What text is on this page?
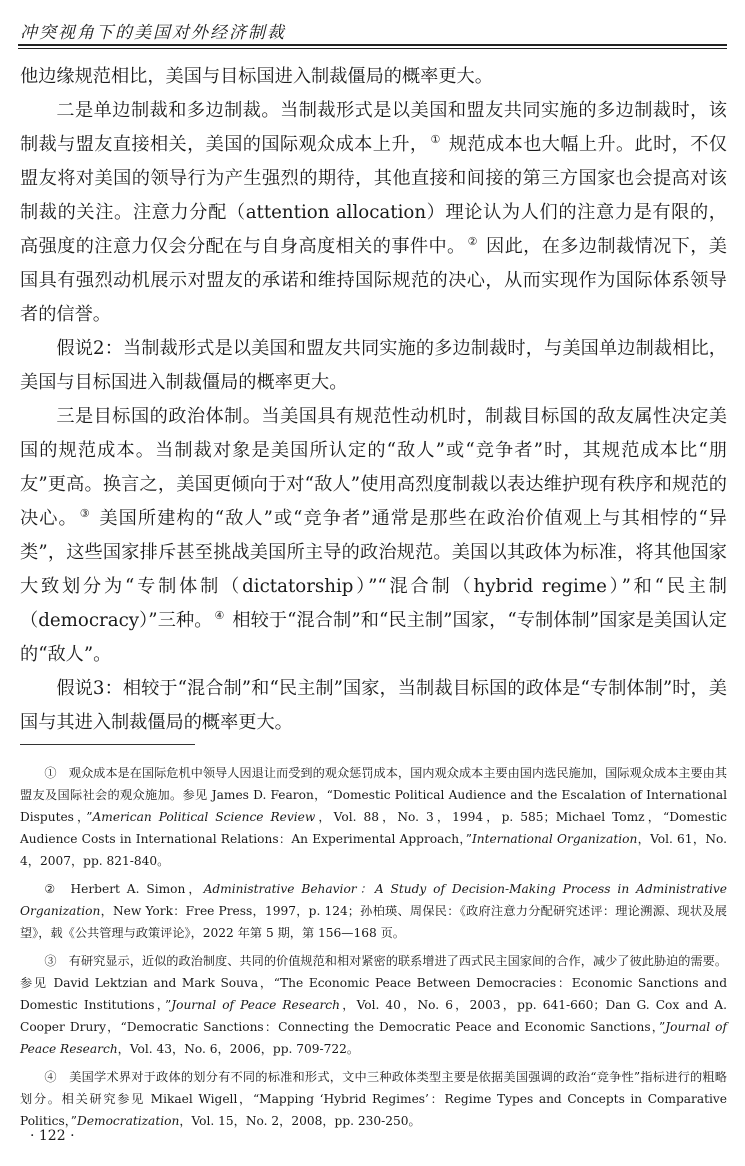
冲突视角下的美国对外经济制裁

他边缘规范相比，美国与目标国进入制裁僵局的概率更大。

二是单边制裁和多边制裁。当制裁形式是以美国和盟友共同实施的多边制裁时，该制裁与盟友直接相关，美国的国际观众成本上升， ① 规范成本也大幅上升。此时，不仅盟友将对美国的领导行为产生强烈的期待，其他直接和间接的第三方国家也会提高对该制裁的关注。注意力分配（attention allocation）理论认为人们的注意力是有限的，高强度的注意力仅会分配在与自身高度相关的事件中。 ② 因此，在多边制裁情况下，美国具有强烈动机展示对盟友的承诺和维持国际规范的决心，从而实现作为国际体系领导者的信誉。

假说2：当制裁形式是以美国和盟友共同实施的多边制裁时，与美国单边制裁相比，美国与目标国进入制裁僵局的概率更大。

三是目标国的政治体制。当美国具有规范性动机时，制裁目标国的敌友属性决定美国的规范成本。当制裁对象是美国所认定的“敌人”或“竞争者”时，其规范成本比“朋友”更高。换言之，美国更倾向于对“敌人”使用高烈度制裁以表达维护现有秩序和规范的决心。 ③ 美国所建构的“敌人”或“竞争者”通常是那些在政治价值观上与其相悖的“异类”，这些国家排斥甚至挑战美国所主导的政治规范。美国以其政体为标准，将其他国家大致划分为“专制体制（dictatorship）”“混合制（hybrid regime）”和“民主制（democracy）”三种。 ④ 相较于“混合制”和“民主制”国家，“专制体制”国家是美国认定的“敌人”。

假说3：相较于“混合制”和“民主制”国家，当制裁目标国的政体是“专制体制”时，美国与其进入制裁僵局的概率更大。

①  观众成本是在国际危机中领导人因退让而受到的观众惩罚成本，国内观众成本主要由国内选民施加，国际观众成本主要由其盟友及国际社会的观众施加。参见 James D. Fearon，“Domestic Political Audience and the Escalation of International Disputes，”American Political Science Review，Vol. 88，No. 3，1994，p. 585；Michael Tomz，“Domestic Audience Costs in International Relations：An Experimental Approach，”International Organization，Vol. 61，No. 4，2007，pp. 821-840。

②  Herbert A. Simon，Administrative Behavior：A Study of Decision-Making Process in Administrative Organization，New York：Free Press，1997，p. 124；孙柏瑛、周保民：《政府注意力分配研究述评：理论溯源、现状及展望》，载《公共管理与政策评论》，2022 年第 5 期，第 156—168 页。

③  有研究显示，近似的政治制度、共同的价值规范和相对紧密的联系增进了西式民主国家间的合作，减少了彼此胁迫的需要。参见 David Lektzian and Mark Souva，“The Economic Peace Between Democracies：Economic Sanctions and Domestic Institutions，”Journal of Peace Research，Vol. 40，No. 6，2003，pp. 641-660；Dan G. Cox and A. Cooper Drury，“Democratic Sanctions：Connecting the Democratic Peace and Economic Sanctions，”Journal of Peace Research，Vol. 43，No. 6，2006，pp. 709-722。

④  美国学术界对于政体的划分有不同的标准和形式，文中三种政体类型主要是依据美国强调的政治“竞争性”指标进行的粗略划分。相关研究参见 Mikael Wigell，“Mapping ‘Hybrid Regimes’：Regime Types and Concepts in Comparative Politics，”Democratization，Vol. 15，No. 2，2008，pp. 230-250。

· 122 ·
